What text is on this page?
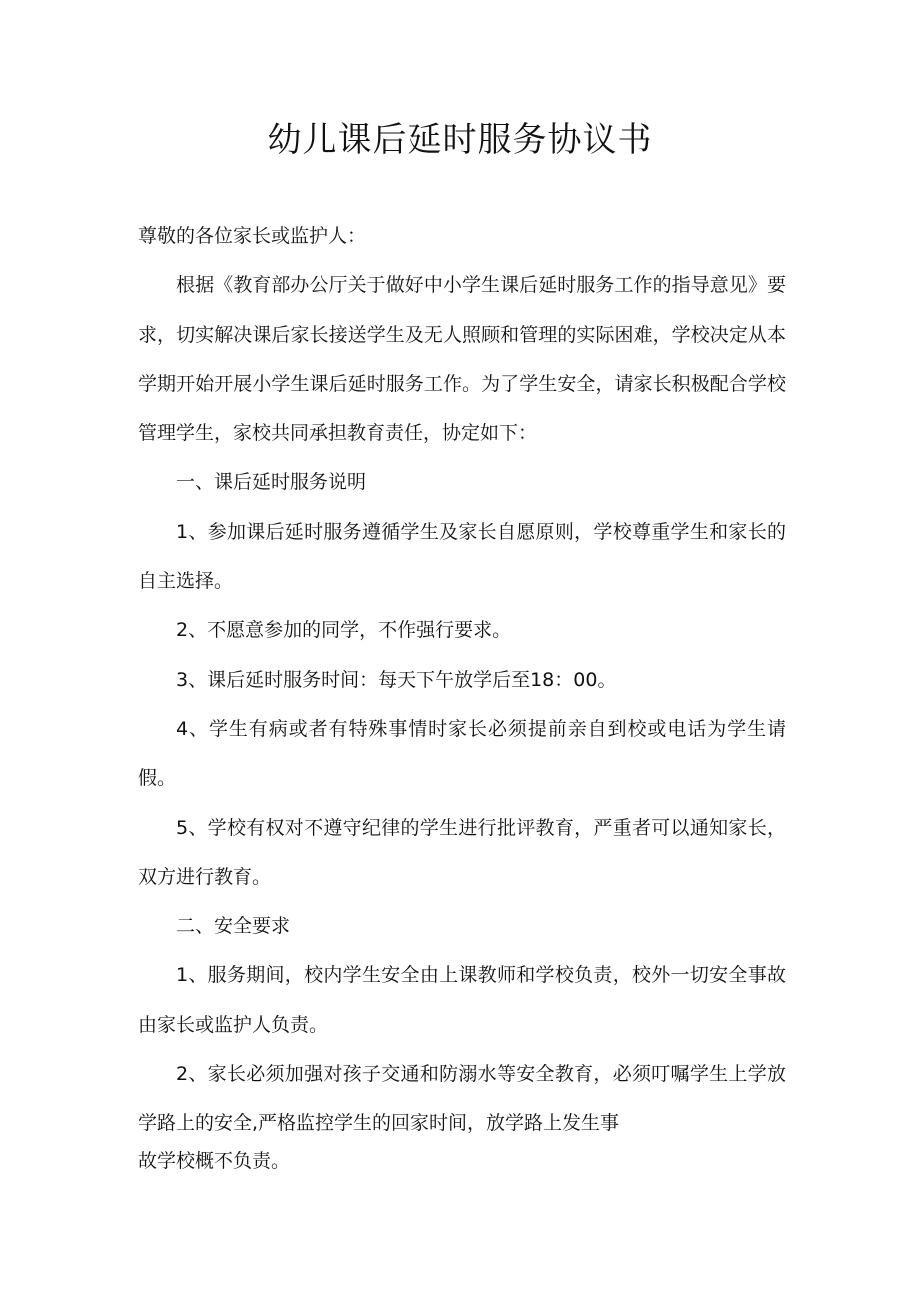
幼儿课后延时服务协议书

尊敬的各位家长或监护人：

根据《教育部办公厅关于做好中小学生课后延时服务工作的指导意见》要求，切实解决课后家长接送学生及无人照顾和管理的实际困难，学校决定从本学期开始开展小学生课后延时服务工作。为了学生安全，请家长积极配合学校管理学生，家校共同承担教育责任，协定如下：

一、课后延时服务说明

1、参加课后延时服务遵循学生及家长自愿原则，学校尊重学生和家长的自主选择。

2、不愿意参加的同学，不作强行要求。

3、课后延时服务时间：每天下午放学后至18：00。

4、学生有病或者有特殊事情时家长必须提前亲自到校或电话为学生请假。

5、学校有权对不遵守纪律的学生进行批评教育，严重者可以通知家长，双方进行教育。

二、安全要求

1、服务期间，校内学生安全由上课教师和学校负责，校外一切安全事故由家长或监护人负责。

2、家长必须加强对孩子交通和防溺水等安全教育，必须叮嘱学生上学放学路上的安全,严格监控学生的回家时间，放学路上发生事

故学校概不负责。
